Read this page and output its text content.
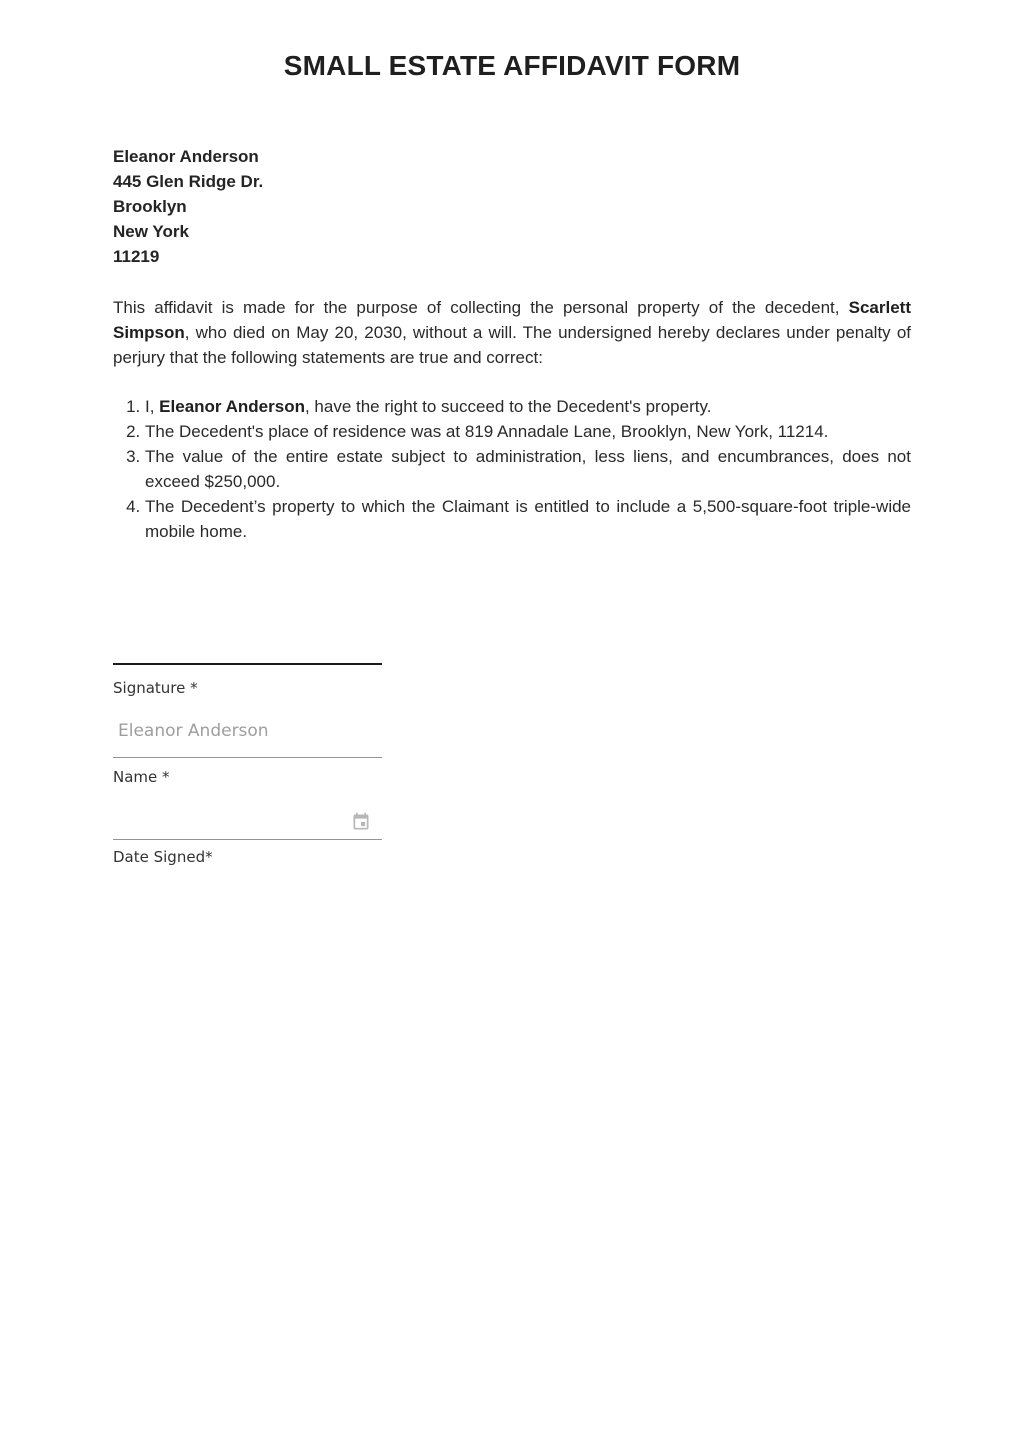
SMALL ESTATE AFFIDAVIT FORM
Eleanor Anderson
445 Glen Ridge Dr.
Brooklyn
New York
11219

This affidavit is made for the purpose of collecting the personal property of the decedent, Scarlett Simpson, who died on May 20, 2030, without a will. The undersigned hereby declares under penalty of perjury that the following statements are true and correct:

1. I, Eleanor Anderson, have the right to succeed to the Decedent's property.
2. The Decedent's place of residence was at 819 Annadale Lane, Brooklyn, New York, 11214.
3. The value of the entire estate subject to administration, less liens, and encumbrances, does not exceed $250,000.
4. The Decedent’s property to which the Claimant is entitled to include a 5,500-square-foot triple-wide mobile home.
Signature *
Eleanor Anderson
Name *
Date Signed*
